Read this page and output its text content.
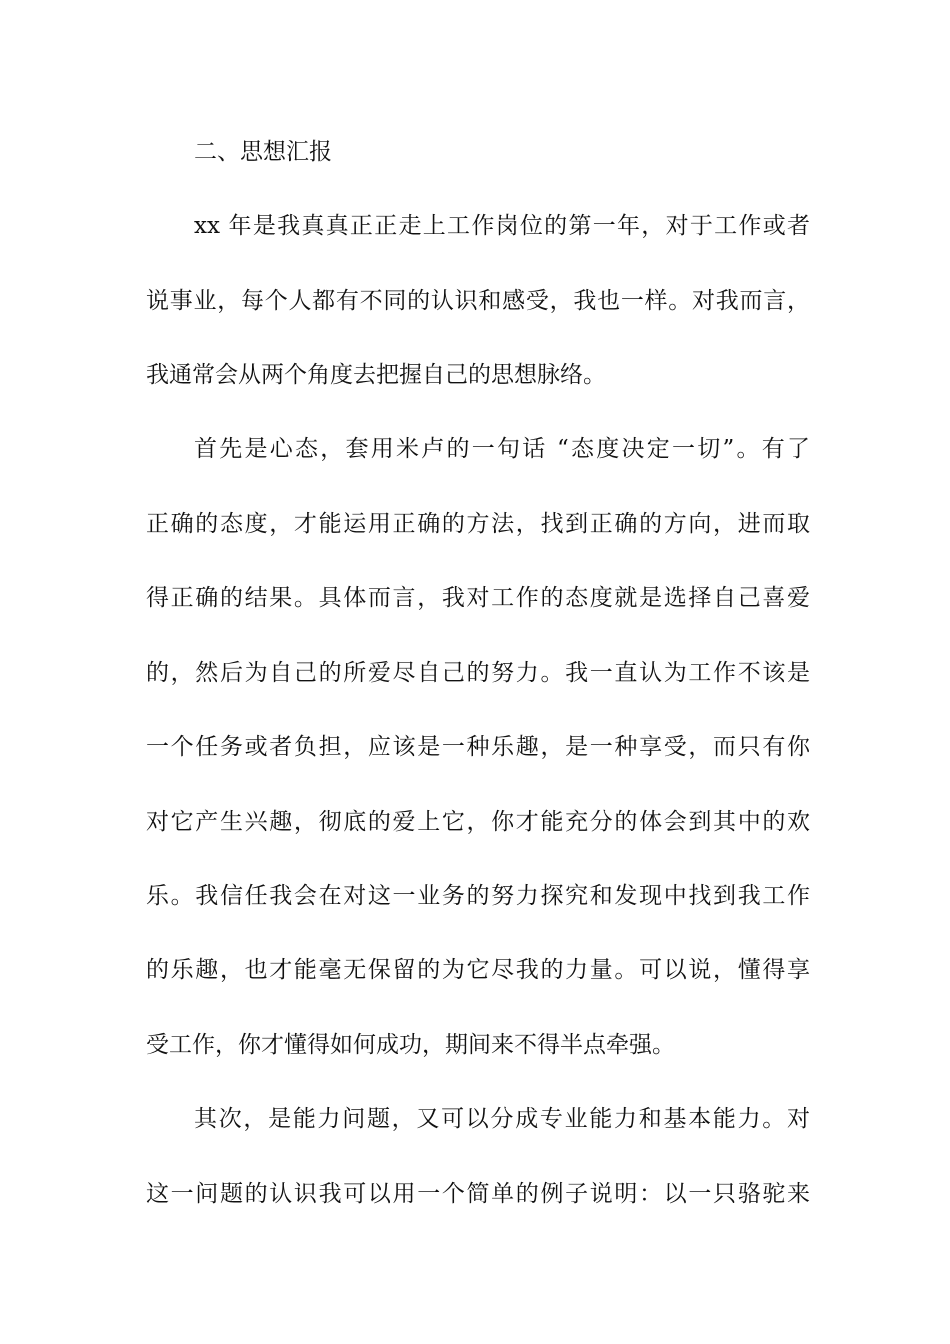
二、思想汇报
xx 年是我真真正正走上工作岗位的第一年，对于工作或者
说事业，每个人都有不同的认识和感受，我也一样。对我而言，
我通常会从两个角度去把握自己的思想脉络。
首先是心态，套用米卢的一句话 “态度决定一切”。有了
正确的态度，才能运用正确的方法，找到正确的方向，进而取
得正确的结果。具体而言，我对工作的态度就是选择自己喜爱
的，然后为自己的所爱尽自己的努力。我一直认为工作不该是
一个任务或者负担，应该是一种乐趣，是一种享受，而只有你
对它产生兴趣，彻底的爱上它，你才能充分的体会到其中的欢
乐。我信任我会在对这一业务的努力探究和发现中找到我工作
的乐趣，也才能毫无保留的为它尽我的力量。可以说，懂得享
受工作，你才懂得如何成功，期间来不得半点牵强。
其次，是能力问题，又可以分成专业能力和基本能力。对
这一问题的认识我可以用一个简单的例子说明：以一只骆驼来
